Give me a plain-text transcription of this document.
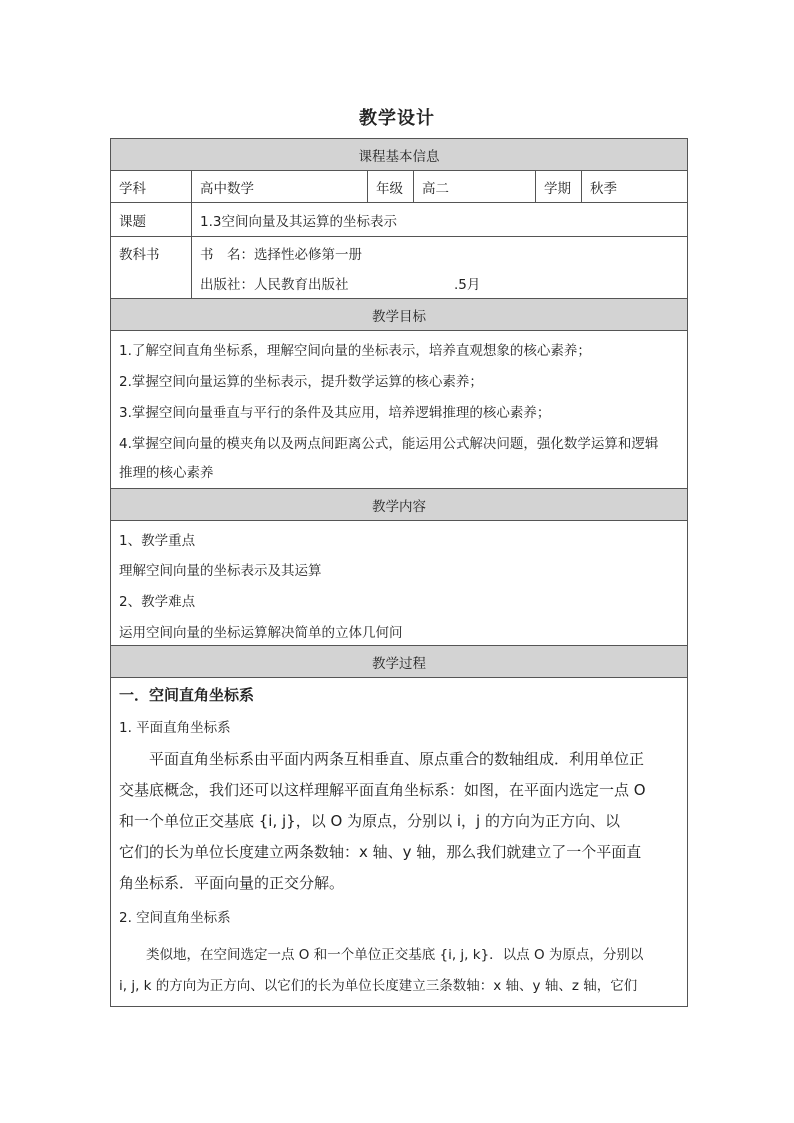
教学设计
课程基本信息
学科	高中数学	年级	高二	学期	秋季
课题	1.3空间向量及其运算的坐标表示
教科书	书　名：选择性必修第一册
出版社：人民教育出版社	.5月
教学目标
1.了解空间直角坐标系，理解空间向量的坐标表示，培养直观想象的核心素养；
2.掌握空间向量运算的坐标表示，提升数学运算的核心素养；
3.掌握空间向量垂直与平行的条件及其应用，培养逻辑推理的核心素养；
4.掌握空间向量的模夹角以及两点间距离公式，能运用公式解决问题，强化数学运算和逻辑
推理的核心素养
教学内容
1、教学重点
理解空间向量的坐标表示及其运算
2、教学难点
运用空间向量的坐标运算解决简单的立体几何问
教学过程
一．空间直角坐标系
1. 平面直角坐标系
　　平面直角坐标系由平面内两条互相垂直、原点重合的数轴组成．利用单位正
交基底概念，我们还可以这样理解平面直角坐标系：如图，在平面内选定一点 O
和一个单位正交基底 {i, j}，以 O 为原点，分别以 i，j 的方向为正方向、以
它们的长为单位长度建立两条数轴：x 轴、y 轴，那么我们就建立了一个平面直
角坐标系．平面向量的正交分解。
2. 空间直角坐标系
　　类似地，在空间选定一点 O 和一个单位正交基底 {i, j, k}．以点 O 为原点，分别以
i, j, k 的方向为正方向、以它们的长为单位长度建立三条数轴：x 轴、y 轴、z 轴，它们
